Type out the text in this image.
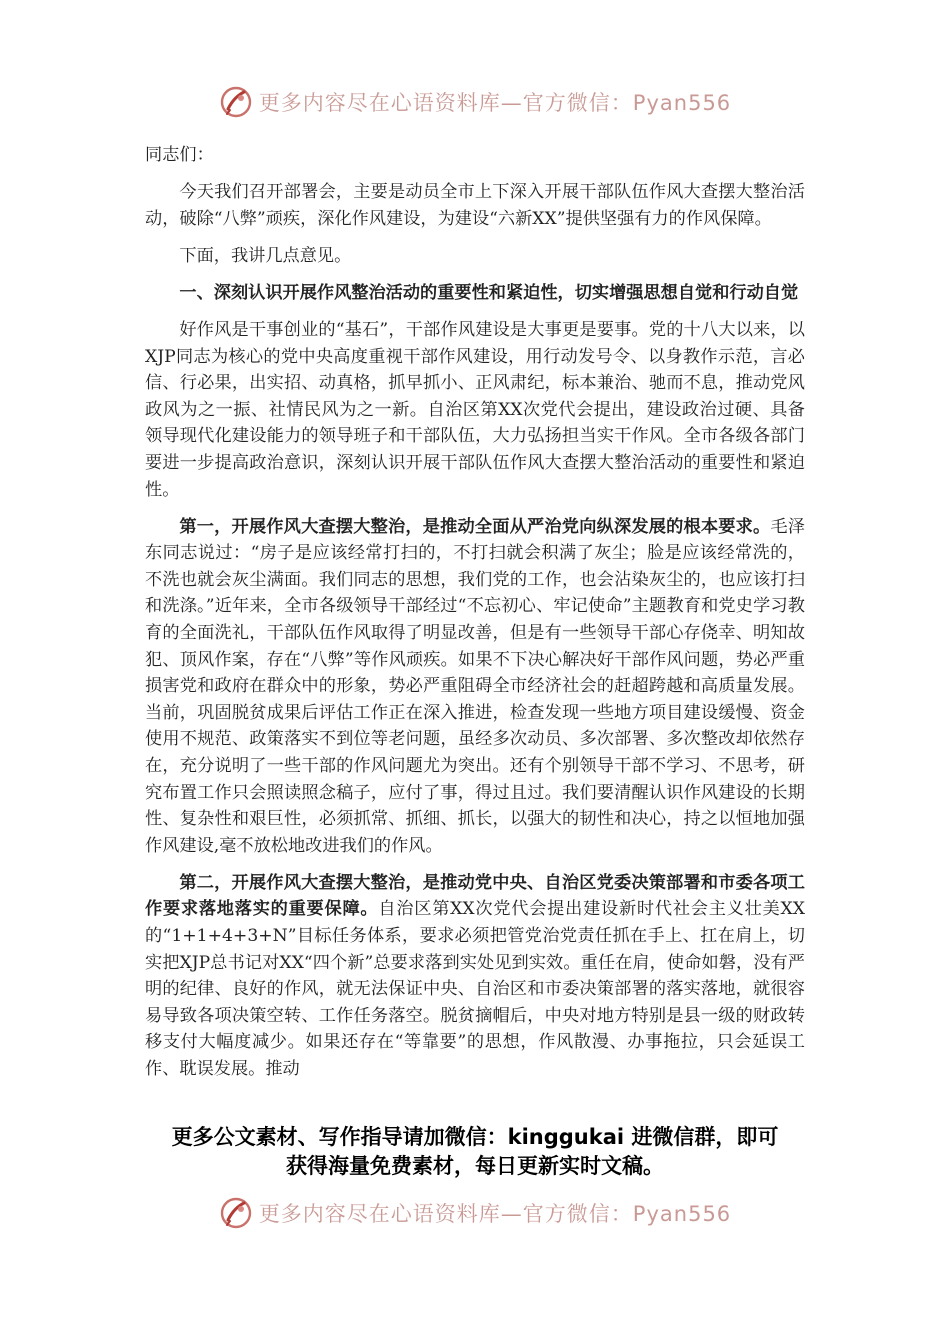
更多内容尽在心语资料库—官方微信：Pyan556

同志们：

今天我们召开部署会，主要是动员全市上下深入开展干部队伍作风大查摆大整治活动，破除“八弊”顽疾，深化作风建设，为建设“六新XX”提供坚强有力的作风保障。

下面，我讲几点意见。

一、深刻认识开展作风整治活动的重要性和紧迫性，切实增强思想自觉和行动自觉

好作风是干事创业的“基石”，干部作风建设是大事更是要事。党的十八大以来，以XJP同志为核心的党中央高度重视干部作风建设，用行动发号令、以身教作示范，言必信、行必果，出实招、动真格，抓早抓小、正风肃纪，标本兼治、驰而不息，推动党风政风为之一振、社情民风为之一新。自治区第XX次党代会提出，建设政治过硬、具备领导现代化建设能力的领导班子和干部队伍，大力弘扬担当实干作风。全市各级各部门要进一步提高政治意识，深刻认识开展干部队伍作风大查摆大整治活动的重要性和紧迫性。

第一，开展作风大查摆大整治，是推动全面从严治党向纵深发展的根本要求。毛泽东同志说过：“房子是应该经常打扫的，不打扫就会积满了灰尘；脸是应该经常洗的，不洗也就会灰尘满面。我们同志的思想，我们党的工作，也会沾染灰尘的，也应该打扫和洗涤。”近年来，全市各级领导干部经过“不忘初心、牢记使命”主题教育和党史学习教育的全面洗礼，干部队伍作风取得了明显改善，但是有一些领导干部心存侥幸、明知故犯、顶风作案，存在“八弊”等作风顽疾。如果不下决心解决好干部作风问题，势必严重损害党和政府在群众中的形象，势必严重阻碍全市经济社会的赶超跨越和高质量发展。当前，巩固脱贫成果后评估工作正在深入推进，检查发现一些地方项目建设缓慢、资金使用不规范、政策落实不到位等老问题，虽经多次动员、多次部署、多次整改却依然存在，充分说明了一些干部的作风问题尤为突出。还有个别领导干部不学习、不思考，研究布置工作只会照读照念稿子，应付了事，得过且过。我们要清醒认识作风建设的长期性、复杂性和艰巨性，必须抓常、抓细、抓长，以强大的韧性和决心，持之以恒地加强作风建设,毫不放松地改进我们的作风。

第二，开展作风大查摆大整治，是推动党中央、自治区党委决策部署和市委各项工作要求落地落实的重要保障。自治区第XX次党代会提出建设新时代社会主义壮美XX的“1+1+4+3+N”目标任务体系，要求必须把管党治党责任抓在手上、扛在肩上，切实把XJP总书记对XX“四个新”总要求落到实处见到实效。重任在肩，使命如磐，没有严明的纪律、良好的作风，就无法保证中央、自治区和市委决策部署的落实落地，就很容易导致各项决策空转、工作任务落空。脱贫摘帽后，中央对地方特别是县一级的财政转移支付大幅度减少。如果还存在“等靠要”的思想，作风散漫、办事拖拉，只会延误工作、耽误发展。推动

更多公文素材、写作指导请加微信：kinggukai 进微信群，即可
获得海量免费素材，每日更新实时文稿。
更多内容尽在心语资料库—官方微信：Pyan556
